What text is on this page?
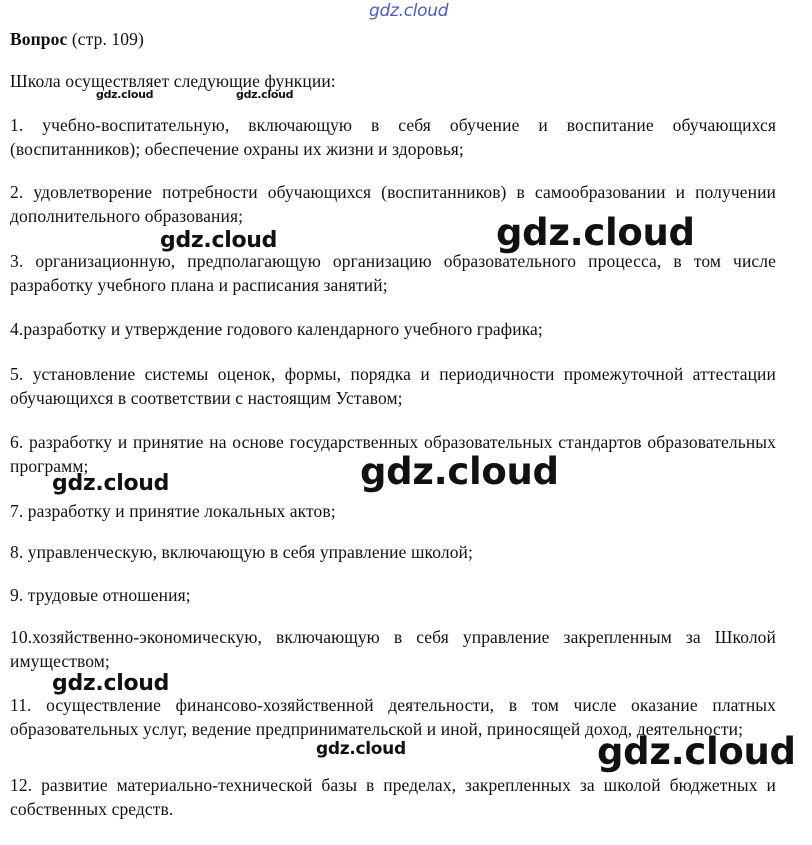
Вопрос (стр. 109)
Школа осуществляет следующие функции:
1. учебно-воспитательную, включающую в себя обучение и воспитание обучающихся (воспитанников); обеспечение охраны их жизни и здоровья;
2. удовлетворение потребности обучающихся (воспитанников) в самообразовании и получении дополнительного образования;
3. организационную, предполагающую организацию образовательного процесса, в том числе разработку учебного плана и расписания занятий;
4.разработку и утверждение годового календарного учебного графика;
5. установление системы оценок, формы, порядка и периодичности промежуточной аттестации обучающихся в соответствии с настоящим Уставом;
6. разработку и принятие на основе государственных образовательных стандартов образовательных программ;
7. разработку и принятие локальных актов;
8. управленческую, включающую в себя управление школой;
9. трудовые отношения;
10.хозяйственно-экономическую, включающую в себя управление закрепленным за Школой имуществом;
11. осуществление финансово-хозяйственной деятельности, в том числе оказание платных образовательных услуг, ведение предпринимательской и иной, приносящей доход, деятельности;
12. развитие материально-технической базы в пределах, закрепленных за школой бюджетных и собственных средств.
gdz.cloud
gdz.cloud	gdz.cloud
gdz.cloud	gdz.cloud
gdz.cloud
gdz.cloud
gdz.cloud
gdz.cloud	gdz.cloud
